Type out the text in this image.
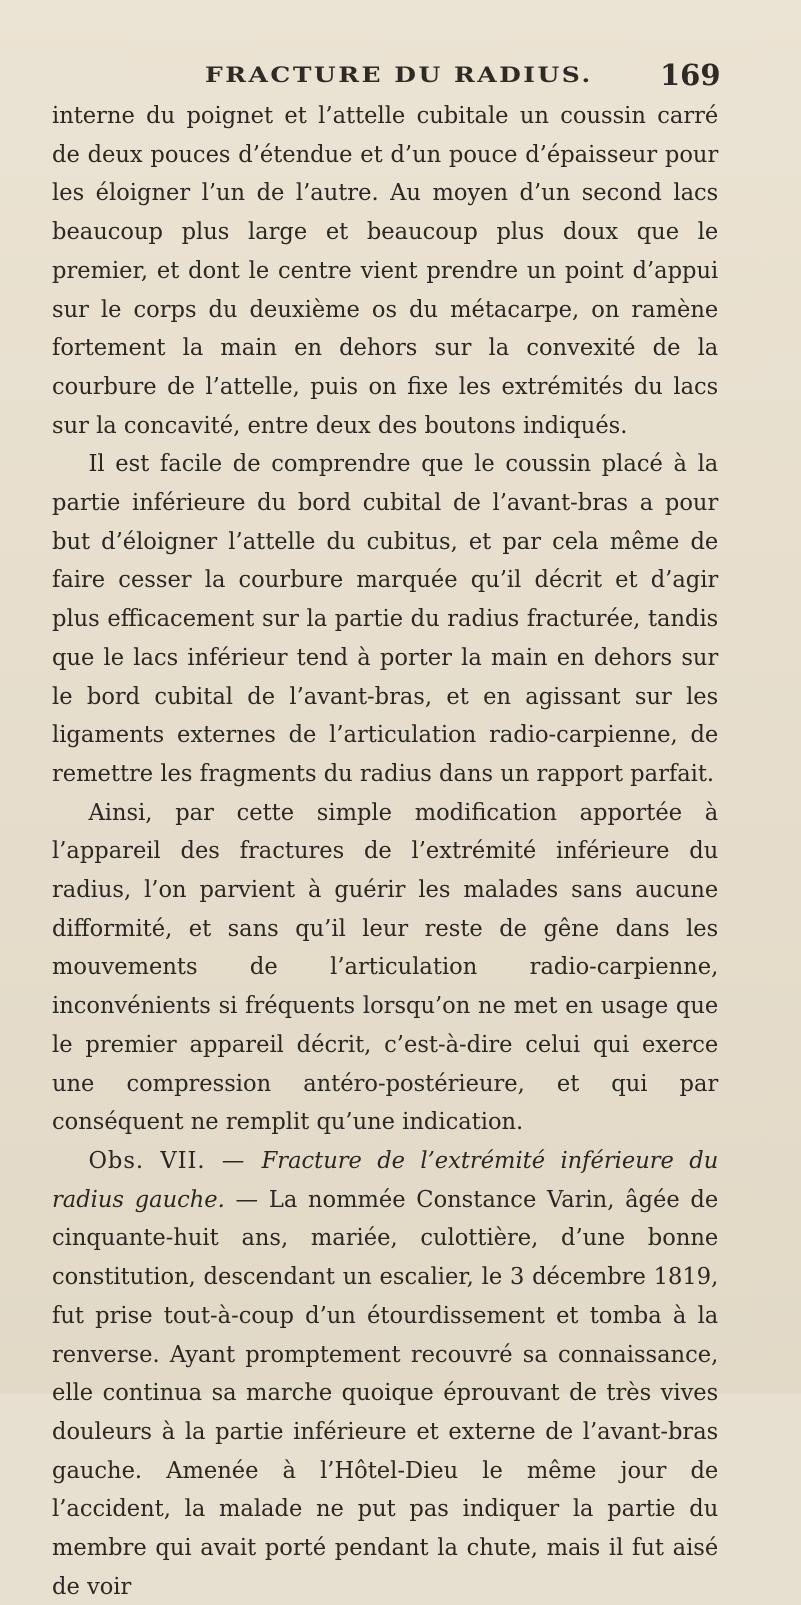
FRACTURE DU RADIUS. 169

interne du poignet et l’attelle cubitale un coussin carré de deux pouces d’étendue et d’un pouce d’épaisseur pour les éloigner l’un de l’autre. Au moyen d’un second lacs beaucoup plus large et beaucoup plus doux que le premier, et dont le centre vient prendre un point d’appui sur le corps du deuxième os du métacarpe, on ramène fortement la main en dehors sur la convexité de la courbure de l’attelle, puis on fixe les extrémités du lacs sur la concavité, entre deux des boutons indiqués.

Il est facile de comprendre que le coussin placé à la partie inférieure du bord cubital de l’avant-bras a pour but d’éloigner l’attelle du cubitus, et par cela même de faire cesser la courbure marquée qu’il décrit et d’agir plus efficacement sur la partie du radius fracturée, tandis que le lacs inférieur tend à porter la main en dehors sur le bord cubital de l’avant-bras, et en agissant sur les ligaments externes de l’articulation radio-carpienne, de remettre les fragments du radius dans un rapport parfait.

Ainsi, par cette simple modification apportée à l’appareil des fractures de l’extrémité inférieure du radius, l’on parvient à guérir les malades sans aucune difformité, et sans qu’il leur reste de gêne dans les mouvements de l’articulation radio-carpienne, inconvénients si fréquents lorsqu’on ne met en usage que le premier appareil décrit, c’est-à-dire celui qui exerce une compression antéro-postérieure, et qui par conséquent ne remplit qu’une indication.

Obs. VII. — Fracture de l’extrémité inférieure du radius gauche. — La nommée Constance Varin, âgée de cinquante-huit ans, mariée, culottière, d’une bonne constitution, descendant un escalier, le 3 décembre 1819, fut prise tout-à-coup d’un étourdissement et tomba à la renverse. Ayant promptement recouvré sa connaissance, elle continua sa marche quoique éprouvant de très vives douleurs à la partie inférieure et externe de l’avant-bras gauche. Amenée à l’Hôtel-Dieu le même jour de l’accident, la malade ne put pas indiquer la partie du membre qui avait porté pendant la chute, mais il fut aisé de voir
